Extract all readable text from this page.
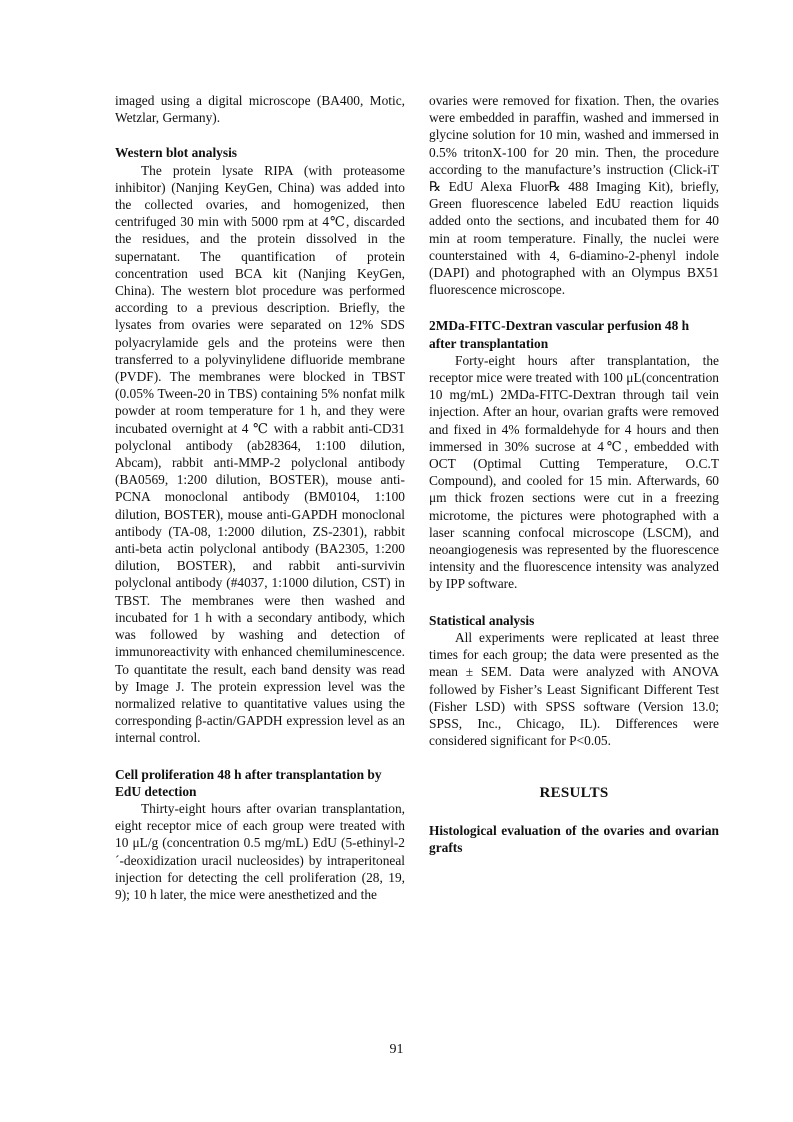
imaged using a digital microscope (BA400, Motic, Wetzlar, Germany).

Western blot analysis

The protein lysate RIPA (with proteasome inhibitor) (Nanjing KeyGen, China) was added into the collected ovaries, and homogenized, then centrifuged 30 min with 5000 rpm at 4℃, discarded the residues, and the protein dissolved in the supernatant. The quantification of protein concentration used BCA kit (Nanjing KeyGen, China). The western blot procedure was performed according to a previous description. Briefly, the lysates from ovaries were separated on 12% SDS polyacrylamide gels and the proteins were then transferred to a polyvinylidene difluoride membrane (PVDF). The membranes were blocked in TBST (0.05% Tween-20 in TBS) containing 5% nonfat milk powder at room temperature for 1 h, and they were incubated overnight at 4 ℃ with a rabbit anti-CD31 polyclonal antibody (ab28364, 1:100 dilution, Abcam), rabbit anti-MMP-2 polyclonal antibody (BA0569, 1:200 dilution, BOSTER), mouse anti-PCNA monoclonal antibody (BM0104, 1:100 dilution, BOSTER), mouse anti-GAPDH monoclonal antibody (TA-08, 1:2000 dilution, ZS-2301), rabbit anti-beta actin polyclonal antibody (BA2305, 1:200 dilution, BOSTER), and rabbit anti-survivin polyclonal antibody (#4037, 1:1000 dilution, CST) in TBST. The membranes were then washed and incubated for 1 h with a secondary antibody, which was followed by washing and detection of immunoreactivity with enhanced chemiluminescence. To quantitate the result, each band density was read by Image J. The protein expression level was the normalized relative to quantitative values using the corresponding β-actin/GAPDH expression level as an internal control.

Cell proliferation 48 h after transplantation by EdU detection

Thirty-eight hours after ovarian transplantation, eight receptor mice of each group were treated with 10 μL/g (concentration 0.5 mg/mL) EdU (5-ethinyl-2´-deoxidization uracil nucleosides) by intraperitoneal injection for detecting the cell proliferation (28, 19, 9); 10 h later, the mice were anesthetized and the

ovaries were removed for fixation. Then, the ovaries were embedded in paraffin, washed and immersed in glycine solution for 10 min, washed and immersed in 0.5% tritonX-100 for 20 min. Then, the procedure according to the manufacture’s instruction (Click-iT ℞ EdU Alexa Fluor℞ 488 Imaging Kit), briefly, Green fluorescence labeled EdU reaction liquids added onto the sections, and incubated them for 40 min at room temperature. Finally, the nuclei were counterstained with 4, 6-diamino-2-phenyl indole (DAPI) and photographed with an Olympus BX51 fluorescence microscope.

2MDa-FITC-Dextran vascular perfusion 48 h after transplantation

Forty-eight hours after transplantation, the receptor mice were treated with 100 μL(concentration 10 mg/mL) 2MDa-FITC-Dextran through tail vein injection. After an hour, ovarian grafts were removed and fixed in 4% formaldehyde for 4 hours and then immersed in 30% sucrose at 4℃, embedded with OCT (Optimal Cutting Temperature, O.C.T Compound), and cooled for 15 min. Afterwards, 60 μm thick frozen sections were cut in a freezing microtome, the pictures were photographed with a laser scanning confocal microscope (LSCM), and neoangiogenesis was represented by the fluorescence intensity and the fluorescence intensity was analyzed by IPP software.

Statistical analysis

All experiments were replicated at least three times for each group; the data were presented as the mean ± SEM. Data were analyzed with ANOVA followed by Fisher’s Least Significant Different Test (Fisher LSD) with SPSS software (Version 13.0; SPSS, Inc., Chicago, IL). Differences were considered significant for P<0.05.

RESULTS

Histological evaluation of the ovaries and ovarian grafts

91
